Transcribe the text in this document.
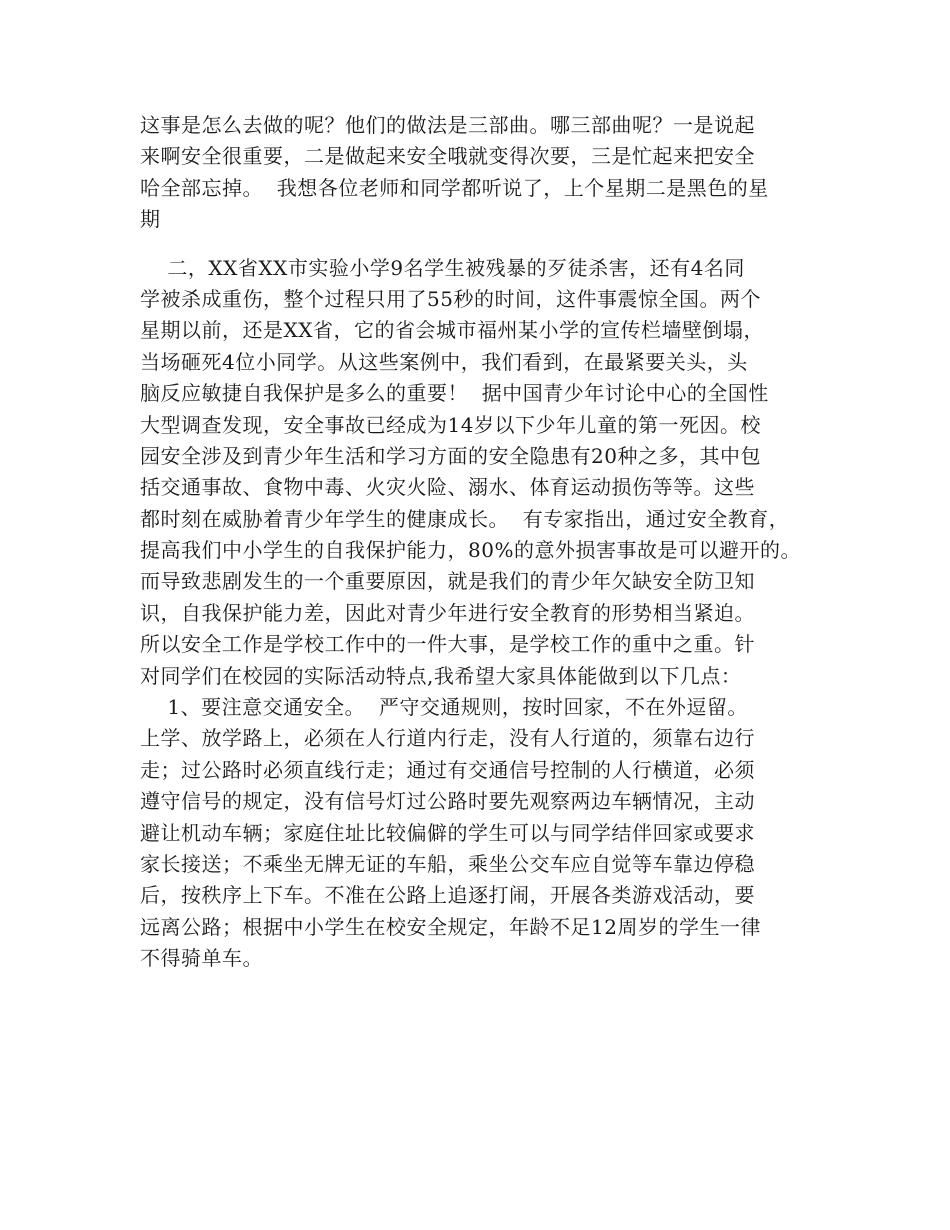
这事是怎么去做的呢？他们的做法是三部曲。哪三部曲呢？一是说起
来啊安全很重要，二是做起来安全哦就变得次要，三是忙起来把安全
哈全部忘掉。  我想各位老师和同学都听说了，上个星期二是黑色的星
期
二，XX省XX市实验小学9名学生被残暴的歹徒杀害，还有4名同
学被杀成重伤，整个过程只用了55秒的时间，这件事震惊全国。两个
星期以前，还是XX省，它的省会城市福州某小学的宣传栏墙壁倒塌，
当场砸死4位小同学。从这些案例中，我们看到，在最紧要关头，头
脑反应敏捷自我保护是多么的重要！  据中国青少年讨论中心的全国性
大型调查发现，安全事故已经成为14岁以下少年儿童的第一死因。校
园安全涉及到青少年生活和学习方面的安全隐患有20种之多，其中包
括交通事故、食物中毒、火灾火险、溺水、体育运动损伤等等。这些
都时刻在威胁着青少年学生的健康成长。  有专家指出，通过安全教育，
提高我们中小学生的自我保护能力，80%的意外损害事故是可以避开的。
而导致悲剧发生的一个重要原因，就是我们的青少年欠缺安全防卫知
识，自我保护能力差，因此对青少年进行安全教育的形势相当紧迫。
所以安全工作是学校工作中的一件大事，是学校工作的重中之重。针
对同学们在校园的实际活动特点,我希望大家具体能做到以下几点：
1、要注意交通安全。  严守交通规则，按时回家，不在外逗留。
上学、放学路上，必须在人行道内行走，没有人行道的，须靠右边行
走；过公路时必须直线行走；通过有交通信号控制的人行横道，必须
遵守信号的规定，没有信号灯过公路时要先观察两边车辆情况，主动
避让机动车辆；家庭住址比较偏僻的学生可以与同学结伴回家或要求
家长接送；不乘坐无牌无证的车船，乘坐公交车应自觉等车靠边停稳
后，按秩序上下车。不准在公路上追逐打闹，开展各类游戏活动，要
远离公路；根据中小学生在校安全规定，年龄不足12周岁的学生一律
不得骑单车。
